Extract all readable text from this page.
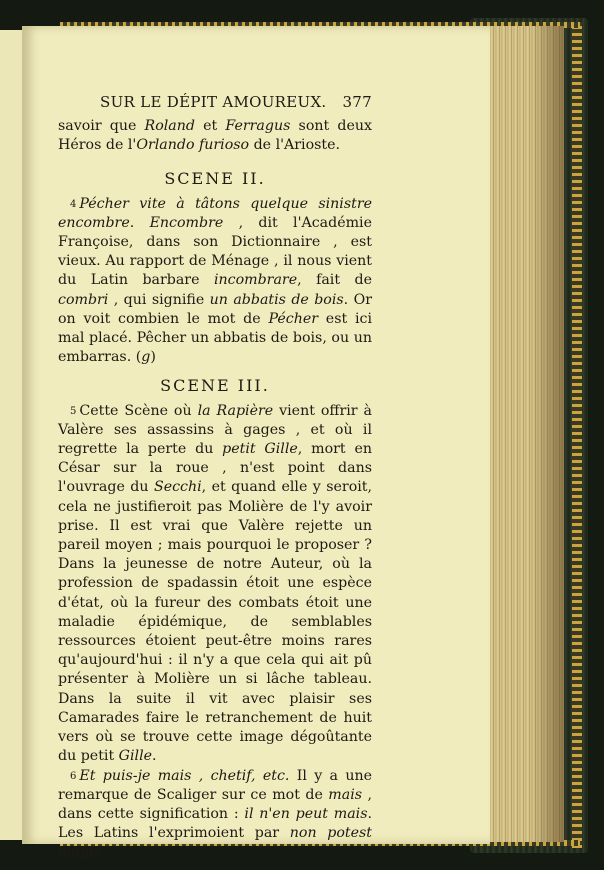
SUR LE DÉPIT AMOUREUX. 377

savoir que Roland et Ferragus sont deux Héros de l'Orlando furioso de l'Arioste.

SCENE II.

4 Pécher vite à tâtons quelque sinistre encombre. Encombre , dit l'Académie Françoise, dans son Dictionnaire , est vieux. Au rapport de Ménage , il nous vient du Latin barbare incombrare, fait de combri , qui signifie un abbatis de bois. Or on voit combien le mot de Pécher est ici mal placé. Pêcher un abbatis de bois, ou un embarras. (g)

SCENE III.

5 Cette Scène où la Rapière vient offrir à Valère ses assassins à gages , et où il regrette la perte du petit Gille, mort en César sur la roue , n'est point dans l'ouvrage du Secchi, et quand elle y seroit, cela ne justifieroit pas Molière de l'y avoir prise. Il est vrai que Valère rejette un pareil moyen ; mais pourquoi le proposer ? Dans la jeunesse de notre Auteur, où la profession de spadassin étoit une espèce d'état, où la fureur des combats étoit une maladie épidémique, de semblables ressources étoient peut-être moins rares qu'aujourd'hui : il n'y a que cela qui ait pû présenter à Molière un si lâche tableau. Dans la suite il vit avec plaisir ses Camarades faire le retranchement de huit vers où se trouve cette image dégoûtante du petit Gille.

6 Et puis-je mais , chetif, etc. Il y a une remarque de Scaliger sur ce mot de mais , dans cette signification : il n'en peut mais. Les Latins l'exprimoient par non potest magis.
